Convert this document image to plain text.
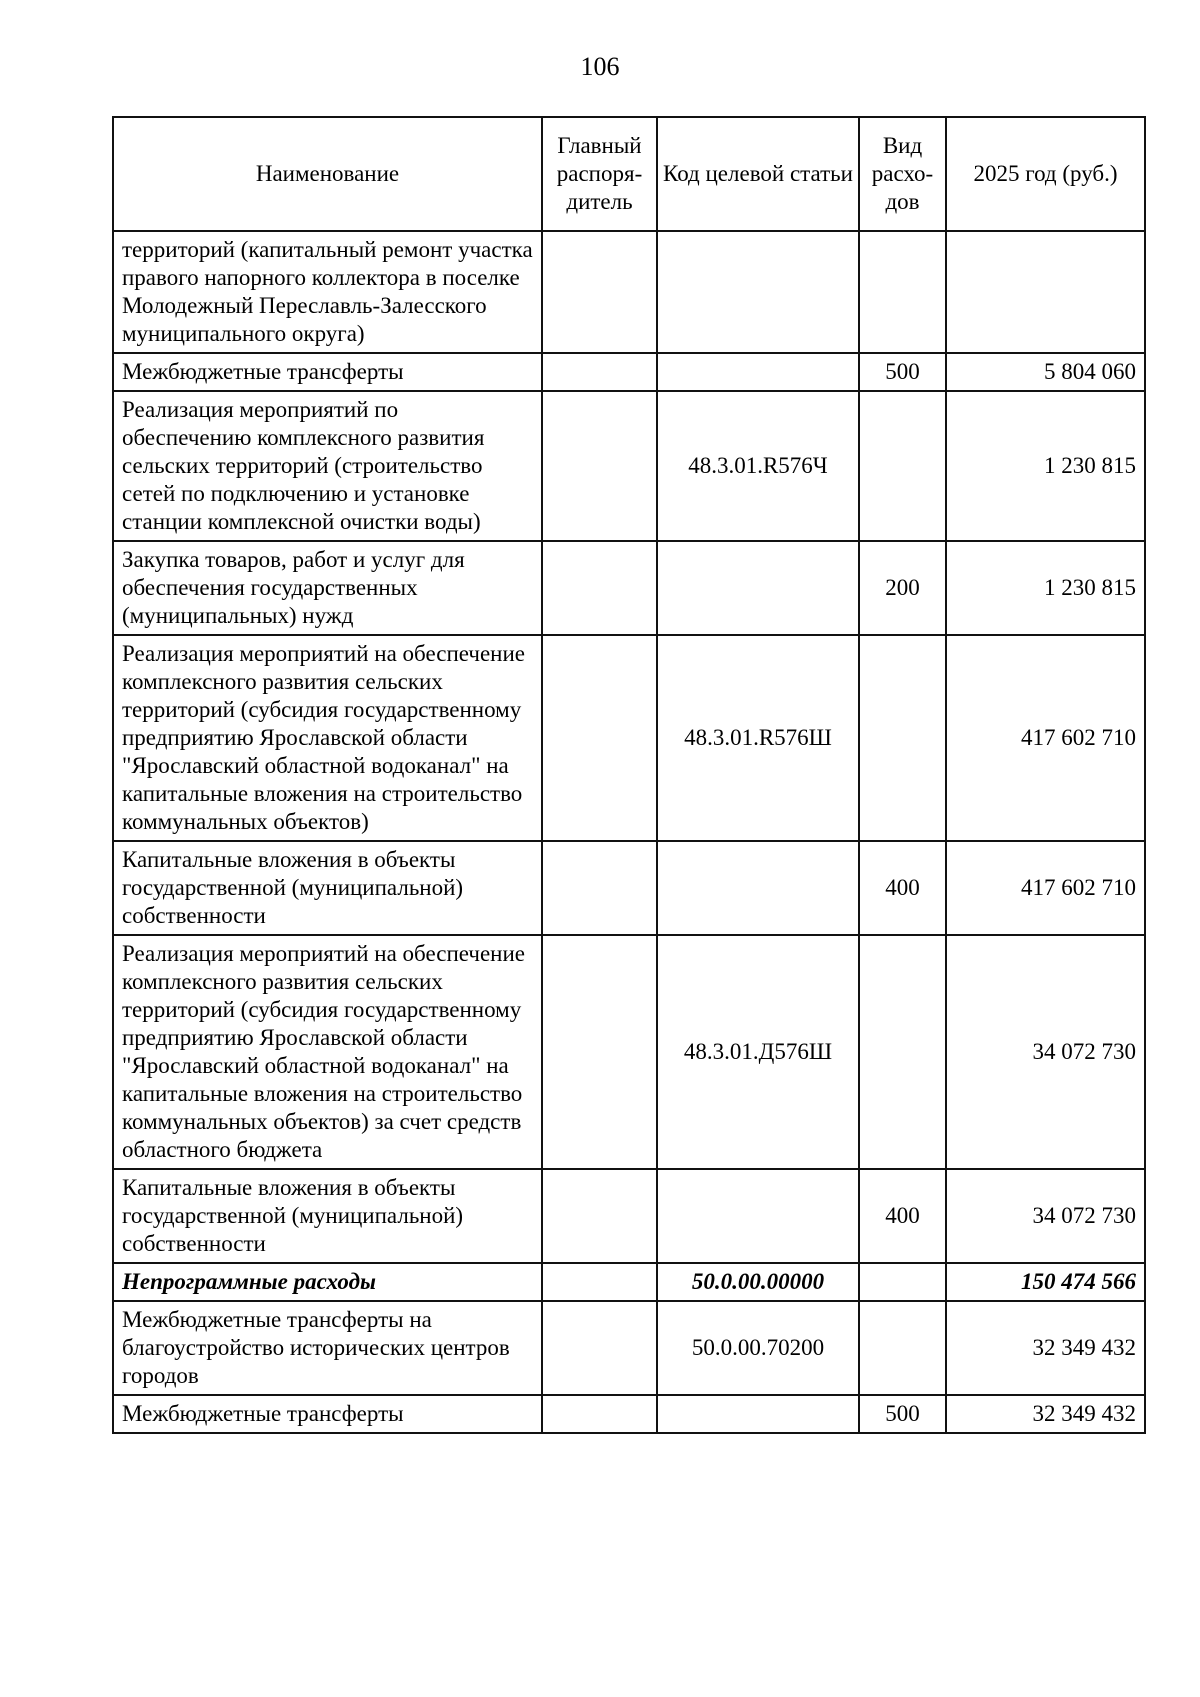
106
Наименование	Главный распоря-дитель	Код целевой статьи	Вид расхо-дов	2025 год (руб.)
территорий (капитальный ремонт участка правого напорного коллектора в поселке Молодежный Переславль-Залесского муниципального округа)				
Межбюджетные трансферты			500	5 804 060
Реализация мероприятий по обеспечению комплексного развития сельских территорий (строительство сетей по подключению и установке станции комплексной очистки воды)		48.3.01.R576Ч		1 230 815
Закупка товаров, работ и услуг для обеспечения государственных (муниципальных) нужд			200	1 230 815
Реализация мероприятий на обеспечение комплексного развития сельских территорий (субсидия государственному предприятию Ярославской области "Ярославский областной водоканал" на капитальные вложения на строительство коммунальных объектов)		48.3.01.R576Ш		417 602 710
Капитальные вложения в объекты государственной (муниципальной) собственности			400	417 602 710
Реализация мероприятий на обеспечение комплексного развития сельских территорий (субсидия государственному предприятию Ярославской области "Ярославский областной водоканал" на капитальные вложения на строительство коммунальных объектов) за счет средств областного бюджета		48.3.01.Д576Ш		34 072 730
Капитальные вложения в объекты государственной (муниципальной) собственности			400	34 072 730
Непрограммные расходы		50.0.00.00000		150 474 566
Межбюджетные трансферты на благоустройство исторических центров городов		50.0.00.70200		32 349 432
Межбюджетные трансферты			500	32 349 432
